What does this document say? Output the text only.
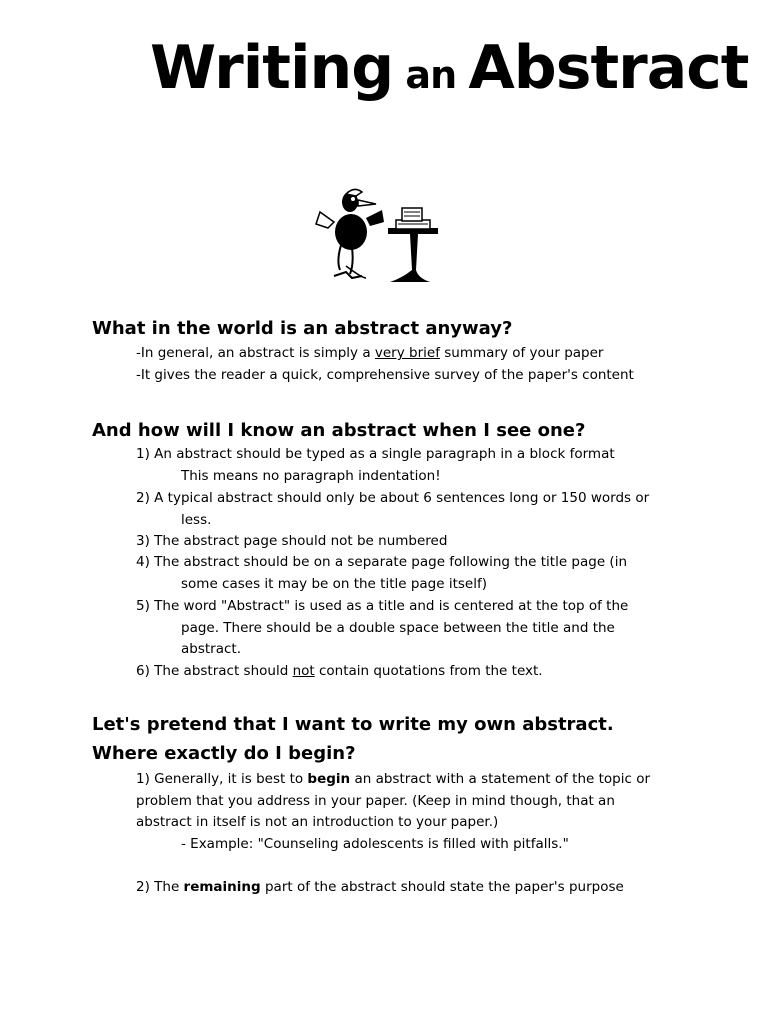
Writing an Abstract
What in the world is an abstract anyway?
-In general, an abstract is simply a very brief summary of your paper
-It gives the reader a quick, comprehensive survey of the paper's content
And how will I know an abstract when I see one?
1) An abstract should be typed as a single paragraph in a block format
This means no paragraph indentation!
2) A typical abstract should only be about 6 sentences long or 150 words or
less.
3) The abstract page should not be numbered
4) The abstract should be on a separate page following the title page (in
some cases it may be on the title page itself)
5) The word "Abstract" is used as a title and is centered at the top of the
page. There should be a double space between the title and the
abstract.
6) The abstract should not contain quotations from the text.
Let's pretend that I want to write my own abstract.
Where exactly do I begin?
1) Generally, it is best to begin an abstract with a statement of the topic or
problem that you address in your paper. (Keep in mind though, that an
abstract in itself is not an introduction to your paper.)
- Example: "Counseling adolescents is filled with pitfalls."
2) The remaining part of the abstract should state the paper's purpose
